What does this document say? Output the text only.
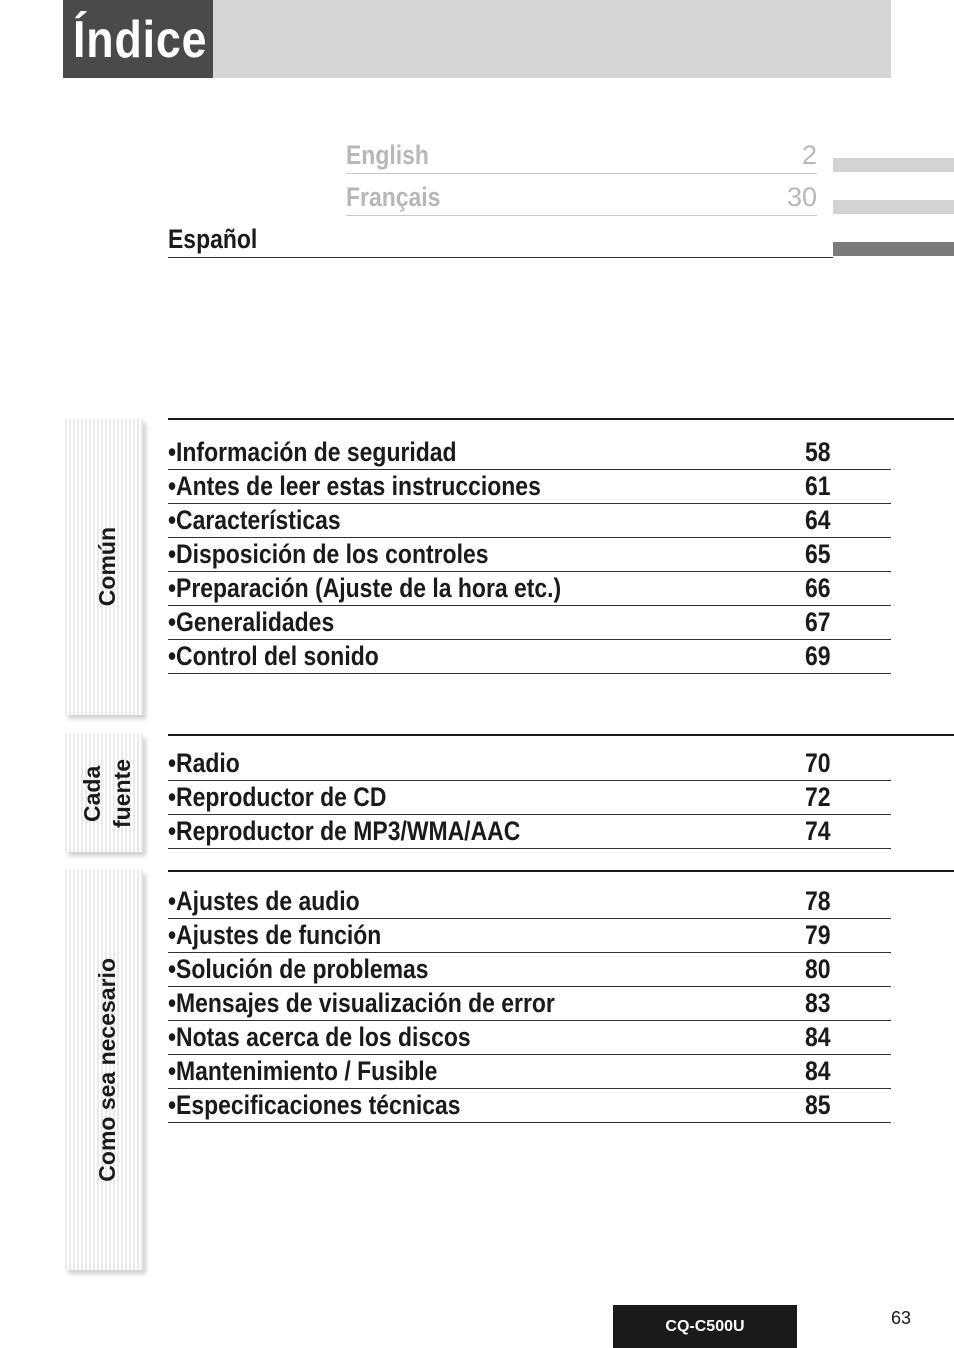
Índice
English	2
Français	30
Español
Común
•Información de seguridad	58
•Antes de leer estas instrucciones	61
•Características	64
•Disposición de los controles	65
•Preparación (Ajuste de la hora etc.)	66
•Generalidades	67
•Control del sonido	69
Cada
fuente •Radio	70
•Reproductor de CD	72
•Reproductor de MP3/WMA/AAC	74
Como sea necesario
•Ajustes de audio	78
•Ajustes de función	79
•Solución de problemas	80
•Mensajes de visualización de error	83
•Notas acerca de los discos	84
•Mantenimiento / Fusible	84
•Especificaciones técnicas	85
CQ-C500U	63
